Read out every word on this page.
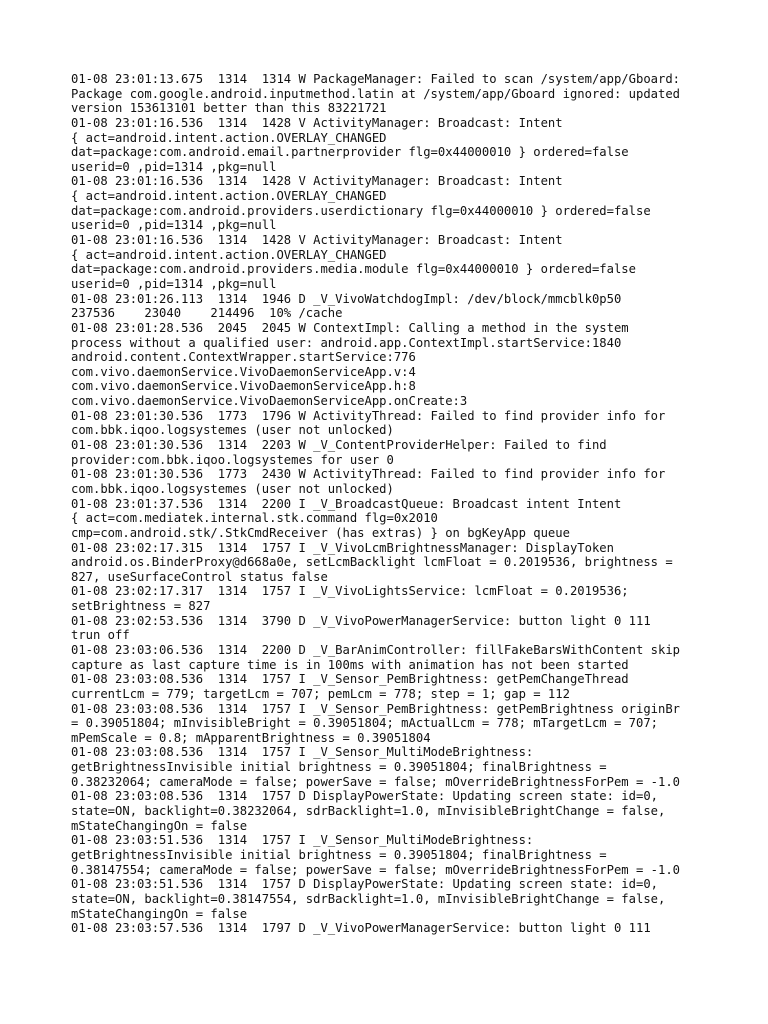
01-08 23:01:13.675  1314  1314 W PackageManager: Failed to scan /system/app/Gboard:
Package com.google.android.inputmethod.latin at /system/app/Gboard ignored: updated
version 153613101 better than this 83221721
01-08 23:01:16.536  1314  1428 V ActivityManager: Broadcast: Intent
{ act=android.intent.action.OVERLAY_CHANGED
dat=package:com.android.email.partnerprovider flg=0x44000010 } ordered=false
userid=0 ,pid=1314 ,pkg=null
01-08 23:01:16.536  1314  1428 V ActivityManager: Broadcast: Intent
{ act=android.intent.action.OVERLAY_CHANGED
dat=package:com.android.providers.userdictionary flg=0x44000010 } ordered=false
userid=0 ,pid=1314 ,pkg=null
01-08 23:01:16.536  1314  1428 V ActivityManager: Broadcast: Intent
{ act=android.intent.action.OVERLAY_CHANGED
dat=package:com.android.providers.media.module flg=0x44000010 } ordered=false
userid=0 ,pid=1314 ,pkg=null
01-08 23:01:26.113  1314  1946 D _V_VivoWatchdogImpl: /dev/block/mmcblk0p50
237536    23040    214496  10% /cache
01-08 23:01:28.536  2045  2045 W ContextImpl: Calling a method in the system
process without a qualified user: android.app.ContextImpl.startService:1840
android.content.ContextWrapper.startService:776
com.vivo.daemonService.VivoDaemonServiceApp.v:4
com.vivo.daemonService.VivoDaemonServiceApp.h:8
com.vivo.daemonService.VivoDaemonServiceApp.onCreate:3
01-08 23:01:30.536  1773  1796 W ActivityThread: Failed to find provider info for
com.bbk.iqoo.logsystemes (user not unlocked)
01-08 23:01:30.536  1314  2203 W _V_ContentProviderHelper: Failed to find
provider:com.bbk.iqoo.logsystemes for user 0
01-08 23:01:30.536  1773  2430 W ActivityThread: Failed to find provider info for
com.bbk.iqoo.logsystemes (user not unlocked)
01-08 23:01:37.536  1314  2200 I _V_BroadcastQueue: Broadcast intent Intent
{ act=com.mediatek.internal.stk.command flg=0x2010
cmp=com.android.stk/.StkCmdReceiver (has extras) } on bgKeyApp queue
01-08 23:02:17.315  1314  1757 I _V_VivoLcmBrightnessManager: DisplayToken
android.os.BinderProxy@d668a0e, setLcmBacklight lcmFloat = 0.2019536, brightness =
827, useSurfaceControl status false
01-08 23:02:17.317  1314  1757 I _V_VivoLightsService: lcmFloat = 0.2019536;
setBrightness = 827
01-08 23:02:53.536  1314  3790 D _V_VivoPowerManagerService: button light 0 111
trun off
01-08 23:03:06.536  1314  2200 D _V_BarAnimController: fillFakeBarsWithContent skip
capture as last capture time is in 100ms with animation has not been started
01-08 23:03:08.536  1314  1757 I _V_Sensor_PemBrightness: getPemChangeThread
currentLcm = 779; targetLcm = 707; pemLcm = 778; step = 1; gap = 112
01-08 23:03:08.536  1314  1757 I _V_Sensor_PemBrightness: getPemBrightness originBr
= 0.39051804; mInvisibleBright = 0.39051804; mActualLcm = 778; mTargetLcm = 707;
mPemScale = 0.8; mApparentBrightness = 0.39051804
01-08 23:03:08.536  1314  1757 I _V_Sensor_MultiModeBrightness:
getBrightnessInvisible initial brightness = 0.39051804; finalBrightness =
0.38232064; cameraMode = false; powerSave = false; mOverrideBrightnessForPem = -1.0
01-08 23:03:08.536  1314  1757 D DisplayPowerState: Updating screen state: id=0,
state=ON, backlight=0.38232064, sdrBacklight=1.0, mInvisibleBrightChange = false,
mStateChangingOn = false
01-08 23:03:51.536  1314  1757 I _V_Sensor_MultiModeBrightness:
getBrightnessInvisible initial brightness = 0.39051804; finalBrightness =
0.38147554; cameraMode = false; powerSave = false; mOverrideBrightnessForPem = -1.0
01-08 23:03:51.536  1314  1757 D DisplayPowerState: Updating screen state: id=0,
state=ON, backlight=0.38147554, sdrBacklight=1.0, mInvisibleBrightChange = false,
mStateChangingOn = false
01-08 23:03:57.536  1314  1797 D _V_VivoPowerManagerService: button light 0 111
